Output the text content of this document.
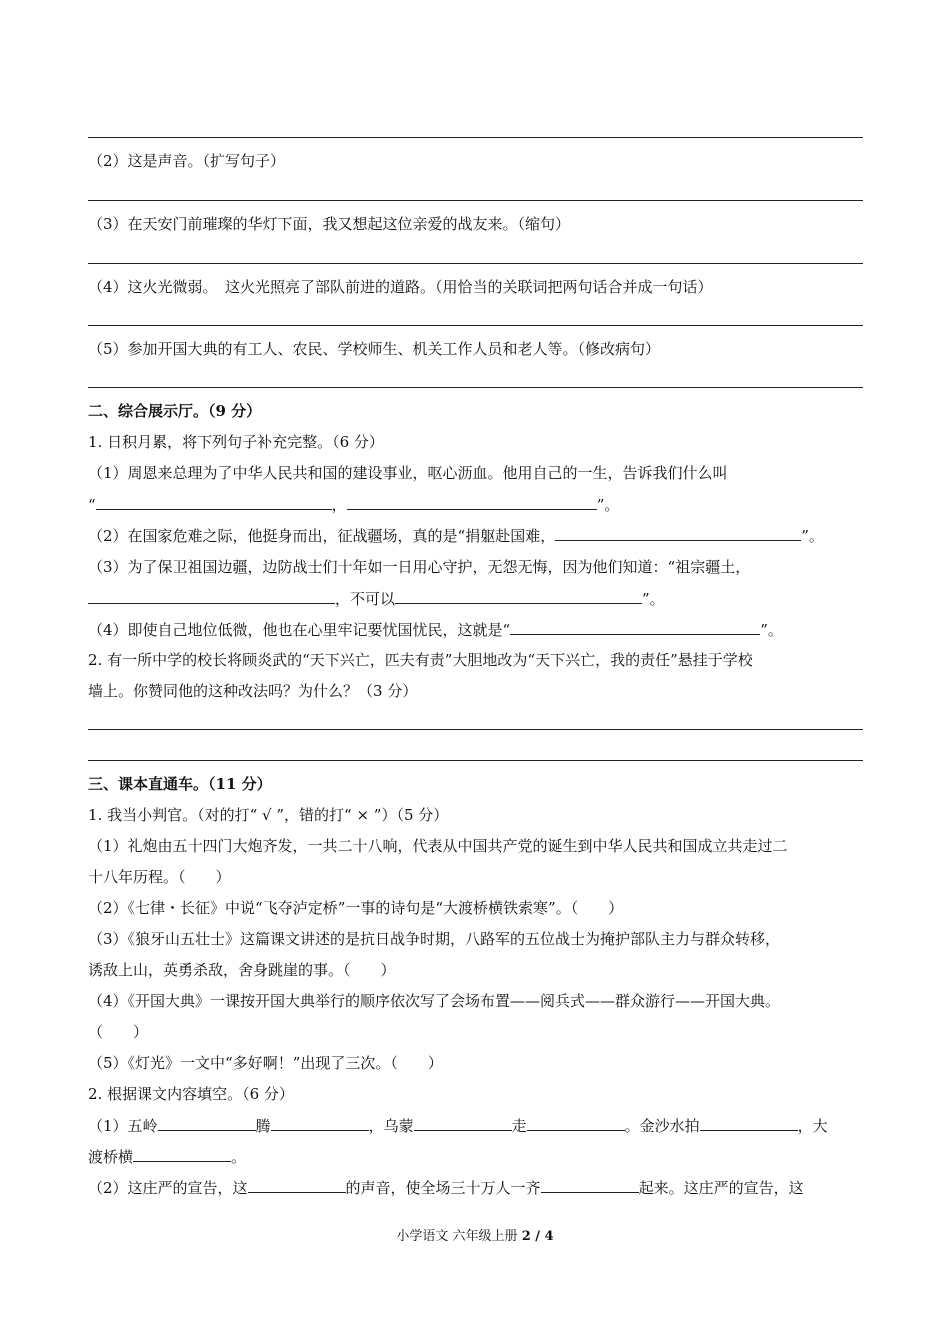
（2）这是声音。（扩写句子）
（3）在天安门前璀璨的华灯下面，我又想起这位亲爱的战友来。（缩句）
（4）这火光微弱。　这火光照亮了部队前进的道路。（用恰当的关联词把两句话合并成一句话）
（5）参加开国大典的有工人、农民、学校师生、机关工作人员和老人等。（修改病句）
二、综合展示厅。（9 分）
1. 日积月累，将下列句子补充完整。（6 分）
（1）周恩来总理为了中华人民共和国的建设事业，呕心沥血。他用自己的一生，告诉我们什么叫
“	，	”。
（2）在国家危难之际，他挺身而出，征战疆场，真的是“捐躯赴国难，	”。
（3）为了保卫祖国边疆，边防战士们十年如一日用心守护，无怨无悔，因为他们知道：“祖宗疆土，
，不可以	”。
（4）即使自己地位低微，他也在心里牢记要忧国忧民，这就是“	”。
2. 有一所中学的校长将顾炎武的“天下兴亡，匹夫有责”大胆地改为“天下兴亡，我的责任”悬挂于学校
墙上。你赞同他的这种改法吗？为什么？（3 分）
三、课本直通车。（11 分）
1. 我当小判官。（对的打“ √ ”，错的打“ × ”）（5 分）
（1）礼炮由五十四门大炮齐发，一共二十八响，代表从中国共产党的诞生到中华人民共和国成立共走过二
十八年历程。（　　）
（2）《七律・长征》中说“飞夺泸定桥”一事的诗句是“大渡桥横铁索寒”。（　　）
（3）《狼牙山五壮士》这篇课文讲述的是抗日战争时期，八路军的五位战士为掩护部队主力与群众转移，
诱敌上山，英勇杀敌，舍身跳崖的事。（　　）
（4）《开国大典》一课按开国大典举行的顺序依次写了会场布置——阅兵式——群众游行——开国大典。
（　　）
（5）《灯光》一文中“多好啊！”出现了三次。（　　）
2. 根据课文内容填空。（6 分）
（1）五岭	腾	，乌蒙	走	。金沙水拍	，大
渡桥横	。
（2）这庄严的宣告，这	的声音，使全场三十万人一齐	起来。这庄严的宣告，这
小学语文 六年级上册 2 / 4
